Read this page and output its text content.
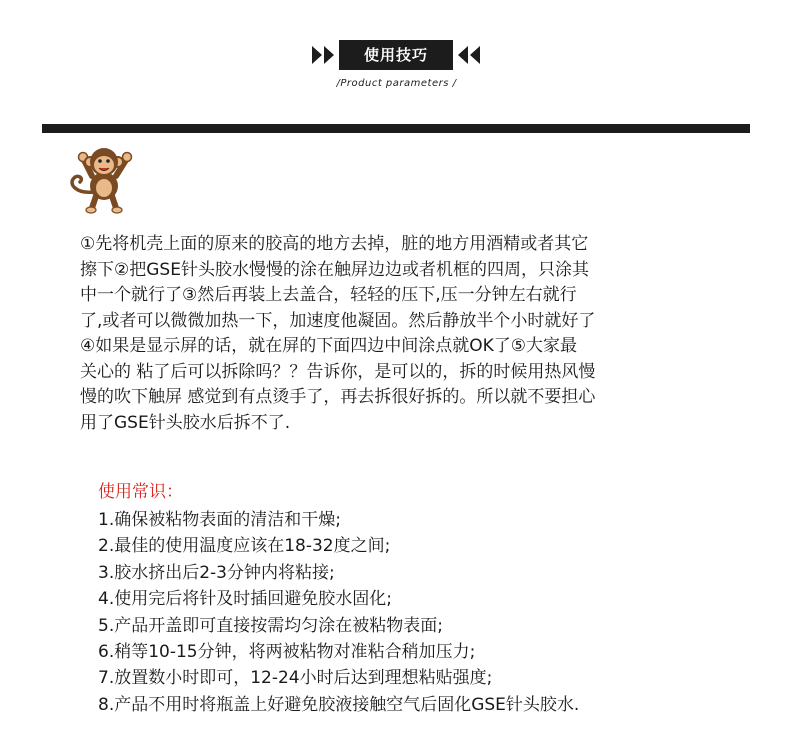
使用技巧
/Product parameters /
①先将机壳上面的原来的胶高的地方去掉，脏的地方用酒精或者其它
擦下②把GSE针头胶水慢慢的涂在触屏边边或者机框的四周，只涂其
中一个就行了③然后再装上去盖合，轻轻的压下,压一分钟左右就行
了,或者可以微微加热一下，加速度他凝固。然后静放半个小时就好了
④如果是显示屏的话，就在屏的下面四边中间涂点就OK了⑤大家最
关心的 粘了后可以拆除吗？？告诉你，是可以的，拆的时候用热风慢
慢的吹下触屏 感觉到有点烫手了，再去拆很好拆的。所以就不要担心
用了GSE针头胶水后拆不了.
使用常识：
1.确保被粘物表面的清洁和干燥;
2.最佳的使用温度应该在18-32度之间;
3.胶水挤出后2-3分钟内将粘接;
4.使用完后将针及时插回避免胶水固化;
5.产品开盖即可直接按需均匀涂在被粘物表面;
6.稍等10-15分钟，将两被粘物对准粘合稍加压力;
7.放置数小时即可，12-24小时后达到理想粘贴强度;
8.产品不用时将瓶盖上好避免胶液接触空气后固化GSE针头胶水.
